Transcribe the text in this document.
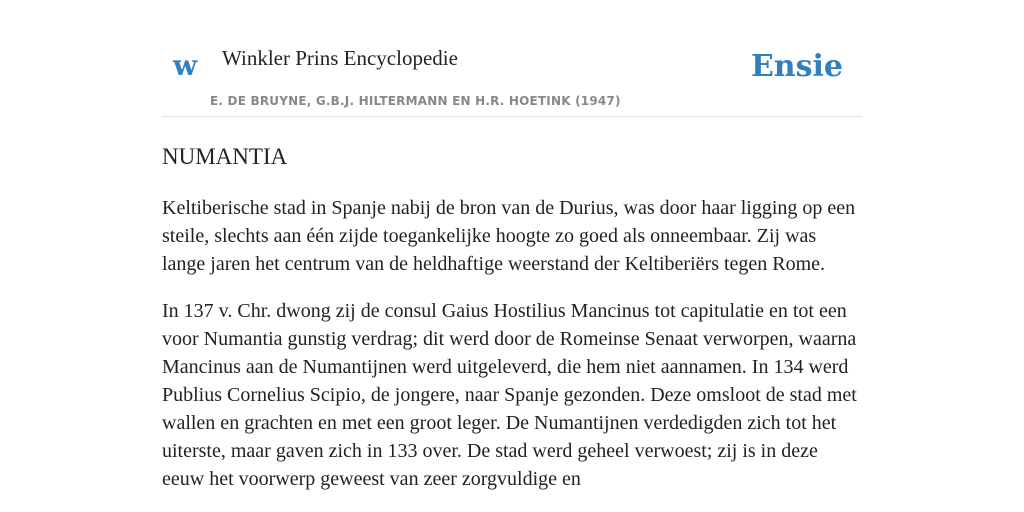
w Winkler Prins Encyclopedie
E. DE BRUYNE, G.B.J. HILTERMANN EN H.R. HOETINK (1947)
Ensie
NUMANTIA

Keltiberische stad in Spanje nabij de bron van de Durius, was door haar ligging op een steile, slechts aan één zijde toegankelijke hoogte zo goed als onneembaar. Zij was lange jaren het centrum van de heldhaftige weerstand der Keltiberiërs tegen Rome.

In 137 v. Chr. dwong zij de consul Gaius Hostilius Mancinus tot capitulatie en tot een voor Numantia gunstig verdrag; dit werd door de Romeinse Senaat verworpen, waarna Mancinus aan de Numantijnen werd uitgeleverd, die hem niet aannamen. In 134 werd Publius Cornelius Scipio, de jongere, naar Spanje gezonden. Deze omsloot de stad met wallen en grachten en met een groot leger. De Numantijnen verdedigden zich tot het uiterste, maar gaven zich in 133 over. De stad werd geheel verwoest; zij is in deze eeuw het voorwerp geweest van zeer zorgvuldige en
